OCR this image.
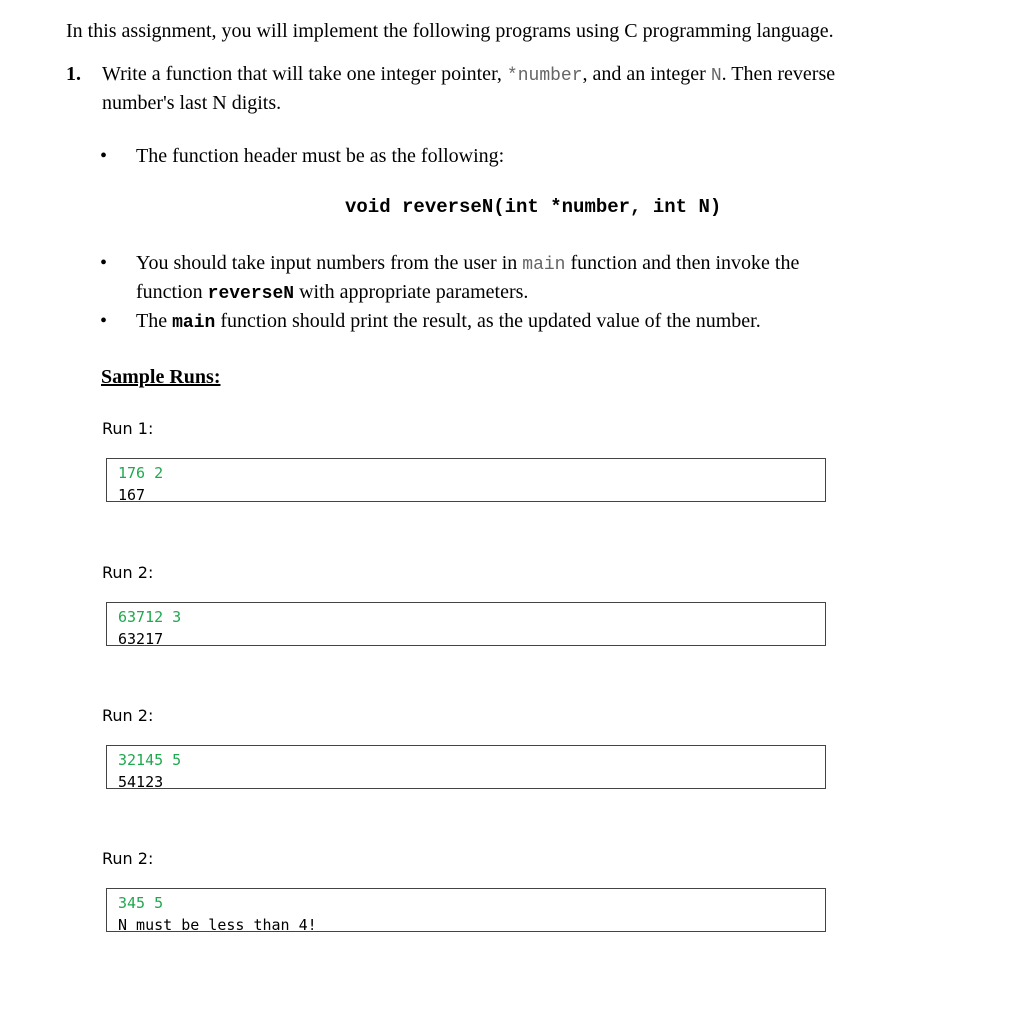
In this assignment, you will implement the following programs using C programming language.
1. Write a function that will take one integer pointer, *number, and an integer N. Then reverse
number's last N digits.
• The function header must be as the following:
void reverseN(int *number, int N)
• You should take input numbers from the user in main function and then invoke the
function reverseN with appropriate parameters.
• The main function should print the result, as the updated value of the number.
Sample Runs:
Run 1:
176 2
167
Run 2:
63712 3
63217
Run 2:
32145 5
54123
Run 2:
345 5
N must be less than 4!
